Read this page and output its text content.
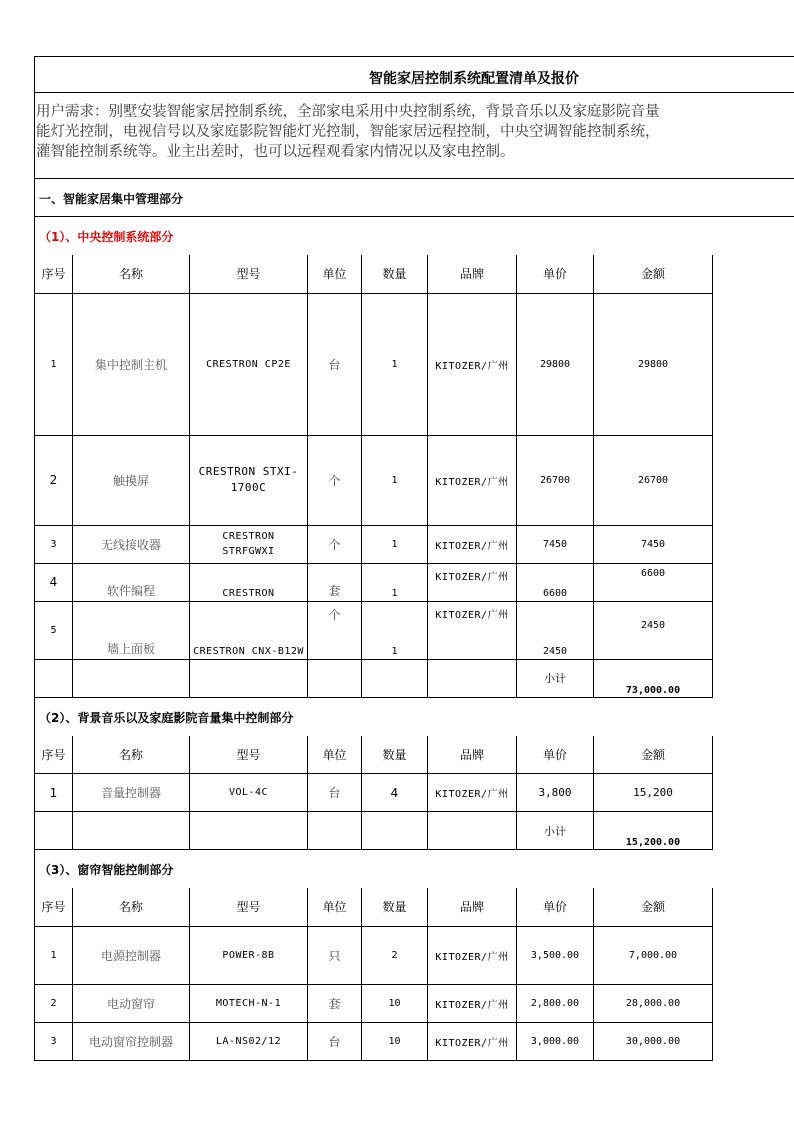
智能家居控制系统配置清单及报价
用户需求：别墅安装智能家居控制系统，全部家电采用中央控制系统，背景音乐以及家庭影院音量
能灯光控制，电视信号以及家庭影院智能灯光控制，智能家居远程控制，中央空调智能控制系统，
灌智能控制系统等。业主出差时，也可以远程观看家内情况以及家电控制。
一、智能家居集中管理部分
（1）、中央控制系统部分
序号	名称	型号	单位	数量	品牌	单价	金额
1	集中控制主机	CRESTRON CP2E	台	1	KITOZER/广州	29800	29800
2	触摸屏	CRESTRON STXI-1700C	个	1	KITOZER/广州	26700	26700
3	无线接收器	CRESTRON STRFGWXI	个	1	KITOZER/广州	7450	7450
4	软件编程	CRESTRON	套	1	KITOZER/广州	6600	6600
5	墙上面板	CRESTRON CNX-B12W	个	1	KITOZER/广州	2450	2450
						小计	73,000.00
（2）、背景音乐以及家庭影院音量集中控制部分
序号	名称	型号	单位	数量	品牌	单价	金额
1	音量控制器	VOL-4C	台	4	KITOZER/广州	3,800	15,200
						小计	15,200.00
（3）、窗帘智能控制部分
序号	名称	型号	单位	数量	品牌	单价	金额
1	电源控制器	POWER-8B	只	2	KITOZER/广州	3,500.00	7,000.00
2	电动窗帘	MOTECH-N-1	套	10	KITOZER/广州	2,800.00	28,000.00
3	电动窗帘控制器	LA-NS02/12	台	10	KITOZER/广州	3,000.00	30,000.00
